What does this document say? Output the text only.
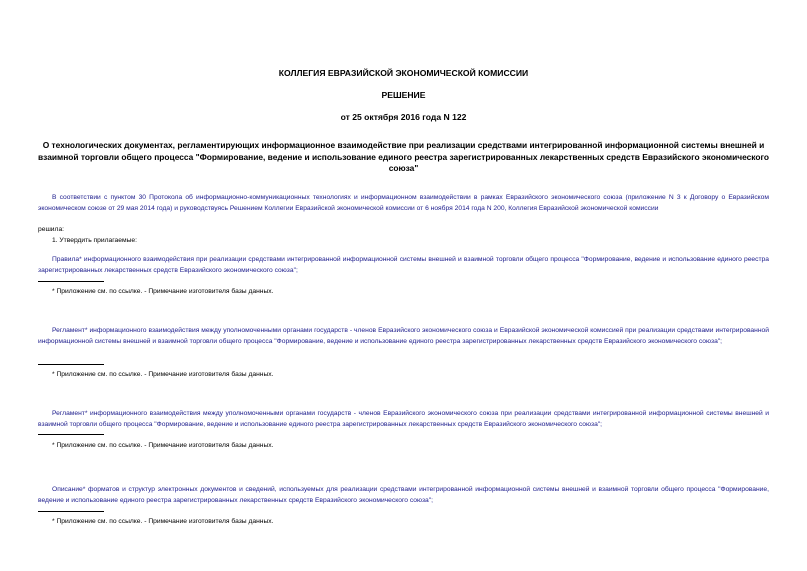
КОЛЛЕГИЯ ЕВРАЗИЙСКОЙ ЭКОНОМИЧЕСКОЙ КОМИССИИ
РЕШЕНИЕ
от 25 октября 2016 года N 122
О технологических документах, регламентирующих информационное взаимодействие при реализации средствами интегрированной информационной системы внешней и взаимной торговли общего процесса "Формирование, ведение и использование единого реестра зарегистрированных лекарственных средств Евразийского экономического союза"
В соответствии с пунктом 30 Протокола об информационно-коммуникационных технологиях и информационном взаимодействии в рамках Евразийского экономического союза (приложение N 3 к Договору о Евразийском экономическом союзе от 29 мая 2014 года) и руководствуясь Решением Коллегии Евразийской экономической комиссии от 6 ноября 2014 года N 200, Коллегия Евразийской экономической комиссии
решила:
1. Утвердить прилагаемые:
Правила* информационного взаимодействия при реализации средствами интегрированной информационной системы внешней и взаимной торговли общего процесса "Формирование, ведение и использование единого реестра зарегистрированных лекарственных средств Евразийского экономического союза";
* Приложение см. по ссылке. - Примечание изготовителя базы данных.
Регламент* информационного взаимодействия между уполномоченными органами государств - членов Евразийского экономического союза и Евразийской экономической комиссией при реализации средствами интегрированной информационной системы внешней и взаимной торговли общего процесса "Формирование, ведение и использование единого реестра зарегистрированных лекарственных средств Евразийского экономического союза";
* Приложение см. по ссылке. - Примечание изготовителя базы данных.
Регламент* информационного взаимодействия между уполномоченными органами государств - членов Евразийского экономического союза при реализации средствами интегрированной информационной системы внешней и взаимной торговли общего процесса "Формирование, ведение и использование единого реестра зарегистрированных лекарственных средств Евразийского экономического союза";
* Приложение см. по ссылке. - Примечание изготовителя базы данных.
Описание* форматов и структур электронных документов и сведений, используемых для реализации средствами интегрированной информационной системы внешней и взаимной торговли общего процесса "Формирование, ведение и использование единого реестра зарегистрированных лекарственных средств Евразийского экономического союза";
* Приложение см. по ссылке. - Примечание изготовителя базы данных.
